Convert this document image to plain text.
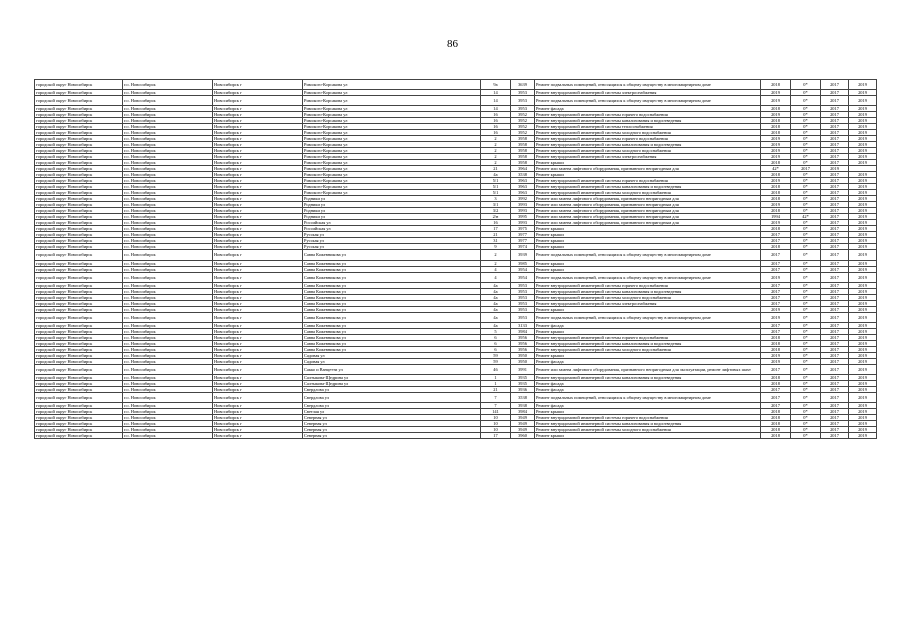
86
городской округ Новосибирск	г.о. Новосибирск	Новосибирск г	Римского-Корсакова ул	9а	3639	Ремонт подвальных помещений, относящихся к общему имуществу в многоквартирном доме	2018	0*	2017	2019
городской округ Новосибирск	г.о. Новосибирск	Новосибирск г	Римского-Корсакова ул	14	3953	Ремонт внутридомовой инженерной системы электроснабжения	2019	0*	2017	2019
городской округ Новосибирск	г.о. Новосибирск	Новосибирск г	Римского-Корсакова ул	14	3953	Ремонт подвальных помещений, относящихся к общему имуществу в многоквартирном доме	2019	0*	2017	2019
городской округ Новосибирск	г.о. Новосибирск	Новосибирск г	Римского-Корсакова ул	14	3953	Ремонт фасада	2018	0*	2017	2019
городской округ Новосибирск	г.о. Новосибирск	Новосибирск г	Римского-Корсакова ул	16	3952	Ремонт внутридомовой инженерной системы горячего водоснабжения	2019	0*	2017	2019
городской округ Новосибирск	г.о. Новосибирск	Новосибирск г	Римского-Корсакова ул	16	3952	Ремонт внутридомовой инженерной системы канализования и водоотведения	2018	0*	2017	2019
городской округ Новосибирск	г.о. Новосибирск	Новосибирск г	Римского-Корсакова ул	16	3952	Ремонт внутридомовой инженерной системы теплоснабжения	2018	0*	2017	2019
городской округ Новосибирск	г.о. Новосибирск	Новосибирск г	Римского-Корсакова ул	16	3952	Ремонт внутридомовой инженерной системы холодного водоснабжения	2018	0*	2017	2019
городской округ Новосибирск	г.о. Новосибирск	Новосибирск г	Римского-Корсакова ул	2	3958	Ремонт внутридомовой инженерной системы горячего водоснабжения	2019	0*	2017	2019
городской округ Новосибирск	г.о. Новосибирск	Новосибирск г	Римского-Корсакова ул	2	3958	Ремонт внутридомовой инженерной системы канализования и водоотведения	2019	0*	2017	2019
городской округ Новосибирск	г.о. Новосибирск	Новосибирск г	Римского-Корсакова ул	2	3958	Ремонт внутридомовой инженерной системы холодного водоснабжения	2019	0*	2017	2019
городской округ Новосибирск	г.о. Новосибирск	Новосибирск г	Римского-Корсакова ул	2	3958	Ремонт внутридомовой инженерной системы электроснабжения	2019	0*	2017	2019
городской округ Новосибирск	г.о. Новосибирск	Новосибирск г	Римского-Корсакова ул	2	3958	Ремонт крыши	2018	0*	2017	2019
городской округ Новосибирск	г.о. Новосибирск	Новосибирск г	Римского-Корсакова ул	21	3964	Ремонт или замена лифтового оборудования, признанного непригодным для	42*	2017	2019	
городской округ Новосибирск	г.о. Новосибирск	Новосибирск г	Римского-Корсакова ул	4а	3538	Ремонт крыши	2018	0*	2017	2019
городской округ Новосибирск	г.о. Новосибирск	Новосибирск г	Римского-Корсакова ул	5/1	3963	Ремонт внутридомовой инженерной системы горячего водоснабжения	2019	0*	2017	2019
городской округ Новосибирск	г.о. Новосибирск	Новосибирск г	Римского-Корсакова ул	5/1	3963	Ремонт внутридомовой инженерной системы канализования и водоотведения	2018	0*	2017	2019
городской округ Новосибирск	г.о. Новосибирск	Новосибирск г	Римского-Корсакова ул	5/1	3963	Ремонт внутридомовой инженерной системы холодного водоснабжения	2018	0*	2017	2019
городской округ Новосибирск	г.о. Новосибирск	Новосибирск г	Родники ул	3	3992	Ремонт или замена лифтового оборудования, признанного непригодным для	2018	0*	2017	2019
городской округ Новосибирск	г.о. Новосибирск	Новосибирск г	Родники ул	3/1	3993	Ремонт или замена лифтового оборудования, признанного непригодным для	2019	0*	2017	2019
городской округ Новосибирск	г.о. Новосибирск	Новосибирск г	Родники ул	3/2	3993	Ремонт или замена лифтового оборудования, признанного непригодным для	2018	0*	2017	2019
городской округ Новосибирск	г.о. Новосибирск	Новосибирск г	Родники ул	2/н	3995	Ремонт или замена лифтового оборудования, признанного непригодным для	1994	42*	2017	2019
городской округ Новосибирск	г.о. Новосибирск	Новосибирск г	Российская ул	16	3993	Ремонт или замена лифтового оборудования, признанного непригодным для	2019	0*	2017	2019
городской округ Новосибирск	г.о. Новосибирск	Новосибирск г	Российская ул	17	3975	Ремонт крыши	2018	0*	2017	2019
городской округ Новосибирск	г.о. Новосибирск	Новосибирск г	Русская ул	21	3977	Ремонт крыши	2017	0*	2017	2019
городской округ Новосибирск	г.о. Новосибирск	Новосибирск г	Русская ул	31	3977	Ремонт крыши	2017	0*	2017	2019
городской округ Новосибирск	г.о. Новосибирск	Новосибирск г	Русская ул	9	3974	Ремонт крыши	2018	0*	2017	2019
городской округ Новосибирск	г.о. Новосибирск	Новосибирск г	Савва Кожевникова ул	2	3939	Ремонт подвальных помещений, относящихся к общему имуществу в многоквартирном доме	2017	0*	2017	2019
городской округ Новосибирск	г.о. Новосибирск	Новосибирск г	Савва Кожевникова ул	2	3985	Ремонт крыши	2017	0*	2017	2019
городской округ Новосибирск	г.о. Новосибирск	Новосибирск г	Савва Кожевникова ул	4	3954	Ремонт крыши	2017	0*	2017	2019
городской округ Новосибирск	г.о. Новосибирск	Новосибирск г	Савва Кожевникова ул	4	3954	Ремонт подвальных помещений, относящихся к общему имуществу в многоквартирном доме	2019	0*	2017	2019
городской округ Новосибирск	г.о. Новосибирск	Новосибирск г	Савва Кожевникова ул	4а	3953	Ремонт внутридомовой инженерной системы горячего водоснабжения	2017	0*	2017	2019
городской округ Новосибирск	г.о. Новосибирск	Новосибирск г	Савва Кожевникова ул	4а	3953	Ремонт внутридомовой инженерной системы канализования и водоотведения	2017	0*	2017	2019
городской округ Новосибирск	г.о. Новосибирск	Новосибирск г	Савва Кожевникова ул	4а	3953	Ремонт внутридомовой инженерной системы холодного водоснабжения	2017	0*	2017	2019
городской округ Новосибирск	г.о. Новосибирск	Новосибирск г	Савва Кожевникова ул	4а	3953	Ремонт внутридомовой инженерной системы электроснабжения	2017	0*	2017	2019
городской округ Новосибирск	г.о. Новосибирск	Новосибирск г	Савва Кожевникова ул	4а	3953	Ремонт крыши	2019	0*	2017	2019
городской округ Новосибирск	г.о. Новосибирск	Новосибирск г	Савва Кожевникова ул	4а	3953	Ремонт подвальных помещений, относящихся к общему имуществу в многоквартирном доме	2019	0*	2017	2019
городской округ Новосибирск	г.о. Новосибирск	Новосибирск г	Савва Кожевникова ул	4а	3133	Ремонт фасада	2017	0*	2017	2019
городской округ Новосибирск	г.о. Новосибирск	Новосибирск г	Савва Кожевникова ул	5	3984	Ремонт крыши	2017	0*	2017	2019
городской округ Новосибирск	г.о. Новосибирск	Новосибирск г	Савва Кожевникова ул	6	3956	Ремонт внутридомовой инженерной системы горячего водоснабжения	2018	0*	2017	2019
городской округ Новосибирск	г.о. Новосибирск	Новосибирск г	Савва Кожевникова ул	6	3956	Ремонт внутридомовой инженерной системы канализования и водоотведения	2018	0*	2017	2019
городской округ Новосибирск	г.о. Новосибирск	Новосибирск г	Савва Кожевникова ул	6	3956	Ремонт внутридомовой инженерной системы холодного водоснабжения	2018	0*	2017	2019
городской округ Новосибирск	г.о. Новосибирск	Новосибирск г	Садовая ул	59	3950	Ремонт крыши	2019	0*	2017	2019
городской округ Новосибирск	г.о. Новосибирск	Новосибирск г	Садовая ул	59	3950	Ремонт фасада	2019	0*	2017	2019
городской округ Новосибирск	г.о. Новосибирск	Новосибирск г	Сакко и Ванцетти ул	46	3991	Ремонт или замена лифтового оборудования, признанного непригодным для эксплуатации, ремонт лифтовых шахт	2017	0*	2017	2019
городской округ Новосибирск	г.о. Новосибирск	Новосибирск г	Салтыкова-Щедрина ул	1	3935	Ремонт внутридомовой инженерной системы канализования и водоотведения	2018	0*	2017	2019
городской округ Новосибирск	г.о. Новосибирск	Новосибирск г	Салтыкова-Щедрина ул	1	3935	Ремонт фасада	2018	0*	2017	2019
городской округ Новосибирск	г.о. Новосибирск	Новосибирск г	Свердлова ул	21	3936	Ремонт фасада	2017	0*	2017	2019
городской округ Новосибирск	г.о. Новосибирск	Новосибирск г	Свердлова ул	7	3538	Ремонт подвальных помещений, относящихся к общему имуществу в многоквартирном доме	2017	0*	2017	2019
городской округ Новосибирск	г.о. Новосибирск	Новосибирск г	Свердлова ул	7	3938	Ремонт фасада	2017	0*	2017	2019
городской округ Новосибирск	г.о. Новосибирск	Новосибирск г	Светлая ул	141	3984	Ремонт крыши	2018	0*	2017	2019
городской округ Новосибирск	г.о. Новосибирск	Новосибирск г	Северная ул	10	3949	Ремонт внутридомовой инженерной системы горячего водоснабжения	2018	0*	2017	2019
городской округ Новосибирск	г.о. Новосибирск	Новосибирск г	Северная ул	10	3949	Ремонт внутридомовой инженерной системы канализования и водоотведения	2018	0*	2017	2019
городской округ Новосибирск	г.о. Новосибирск	Новосибирск г	Северная ул	10	3949	Ремонт внутридомовой инженерной системы холодного водоснабжения	2018	0*	2017	2019
городской округ Новосибирск	г.о. Новосибирск	Новосибирск г	Северная ул	17	3960	Ремонт крыши	2018	0*	2017	2019
